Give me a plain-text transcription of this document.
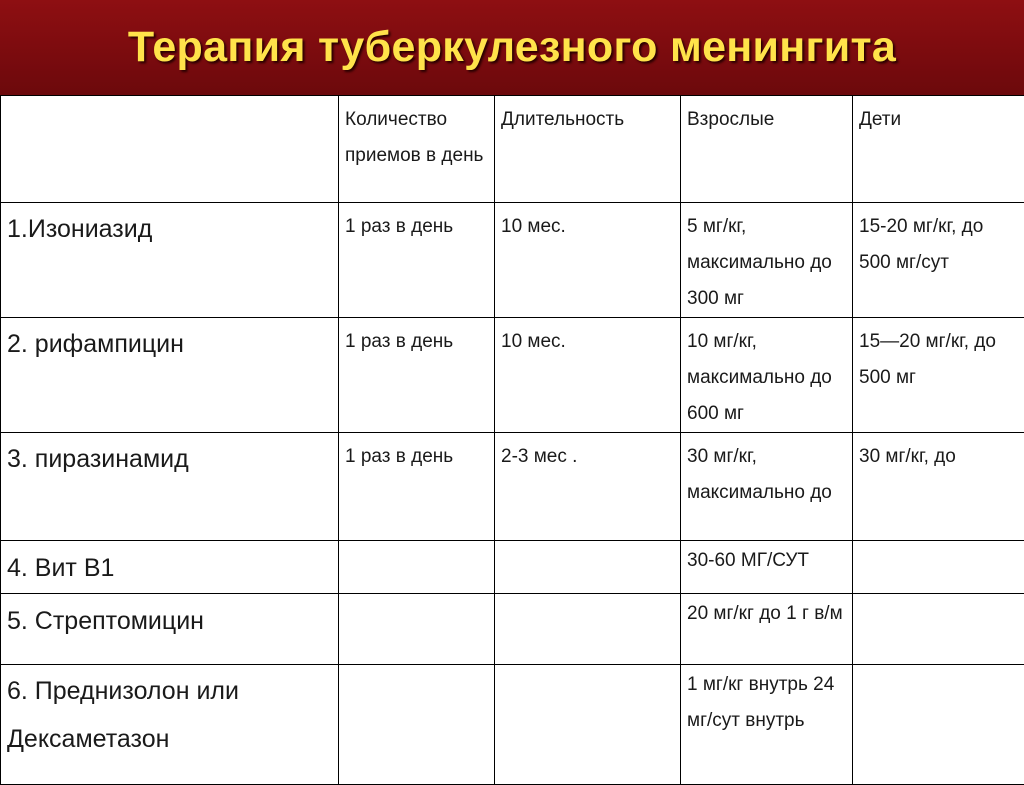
Терапия туберкулезного менингита

	Количество приемов в день	Длительность	Взрослые	Дети

1.Изониазид	1 раз в день	10 мес.	5 мг/кг, максимально до 300 мг	15-20 мг/кг, до 500 мг/сут

2. рифампицин	1 раз в день	10 мес.	10 мг/кг, максимально до 600 мг	15—20 мг/кг, до 500 мг

3. пиразинамид	1 раз в день	2-3 мес .	30 мг/кг, максимально до	30 мг/кг, до

4. Вит В1			30-60 МГ/СУТ	

5. Стрептомицин			20 мг/кг до 1 г в/м	

6. Преднизолон или Дексаметазон			1 мг/кг внутрь 24 мг/сут внутрь	
